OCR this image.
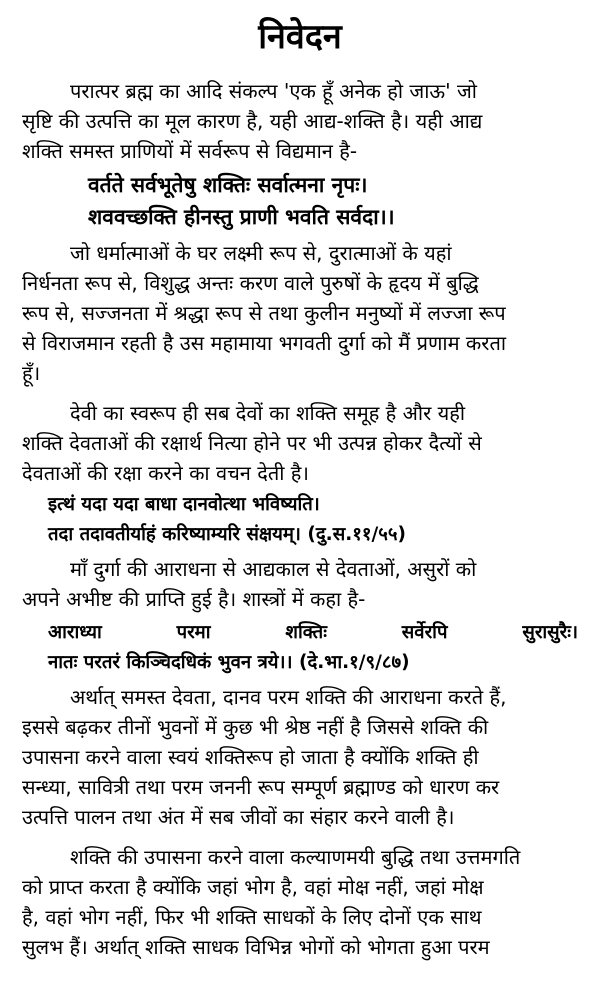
निवेदन
परात्पर ब्रह्म का आदि संकल्प 'एक हूँ अनेक हो जाऊ' जो
सृष्टि की उत्पत्ति का मूल कारण है, यही आद्य-शक्ति है। यही आद्य
शक्ति समस्त प्राणियों में सर्वरूप से विद्यमान है-
वर्तते सर्वभूतेषु शक्तिः सर्वात्मना नृपः।
शववच्छक्ति हीनस्तु प्राणी भवति सर्वदा।।
जो धर्मात्माओं के घर लक्ष्मी रूप से, दुरात्माओं के यहां
निर्धनता रूप से, विशुद्ध अन्तः करण वाले पुरुषों के हृदय में बुद्धि
रूप से, सज्जनता में श्रद्धा रूप से तथा कुलीन मनुष्यों में लज्जा रूप
से विराजमान रहती है उस महामाया भगवती दुर्गा को मैं प्रणाम करता
हूँ।
देवी का स्वरूप ही सब देवों का शक्ति समूह है और यही
शक्ति देवताओं की रक्षार्थ नित्या होने पर भी उत्पन्न होकर दैत्यों से
देवताओं की रक्षा करने का वचन देती है।
इत्थं यदा यदा बाधा दानवोत्था भविष्यति।
तदा तदावतीर्याहं करिष्याम्यरि संक्षयम्। (दु.स.११/५५)
माँ दुर्गा की आराधना से आद्यकाल से देवताओं, असुरों को
अपने अभीष्ट की प्राप्ति हुई है। शास्त्रों में कहा है-
आराध्या	परमा	शक्तिः	सर्वेरपि	सुरासुरैः।
नातः परतरं किञ्चिदधिकं भुवन त्रये।। (दे.भा.१/९/८७)
अर्थात् समस्त देवता, दानव परम शक्ति की आराधना करते हैं,
इससे बढ़कर तीनों भुवनों में कुछ भी श्रेष्ठ नहीं है जिससे शक्ति की
उपासना करने वाला स्वयं शक्तिरूप हो जाता है क्योंकि शक्ति ही
सन्ध्या, सावित्री तथा परम जननी रूप सम्पूर्ण ब्रह्माण्ड को धारण कर
उत्पत्ति पालन तथा अंत में सब जीवों का संहार करने वाली है।
शक्ति की उपासना करने वाला कल्याणमयी बुद्धि तथा उत्तमगति
को प्राप्त करता है क्योंकि जहां भोग है, वहां मोक्ष नहीं, जहां मोक्ष
है, वहां भोग नहीं, फिर भी शक्ति साधकों के लिए दोनों एक साथ
सुलभ हैं। अर्थात् शक्ति साधक विभिन्न भोगों को भोगता हुआ परम
